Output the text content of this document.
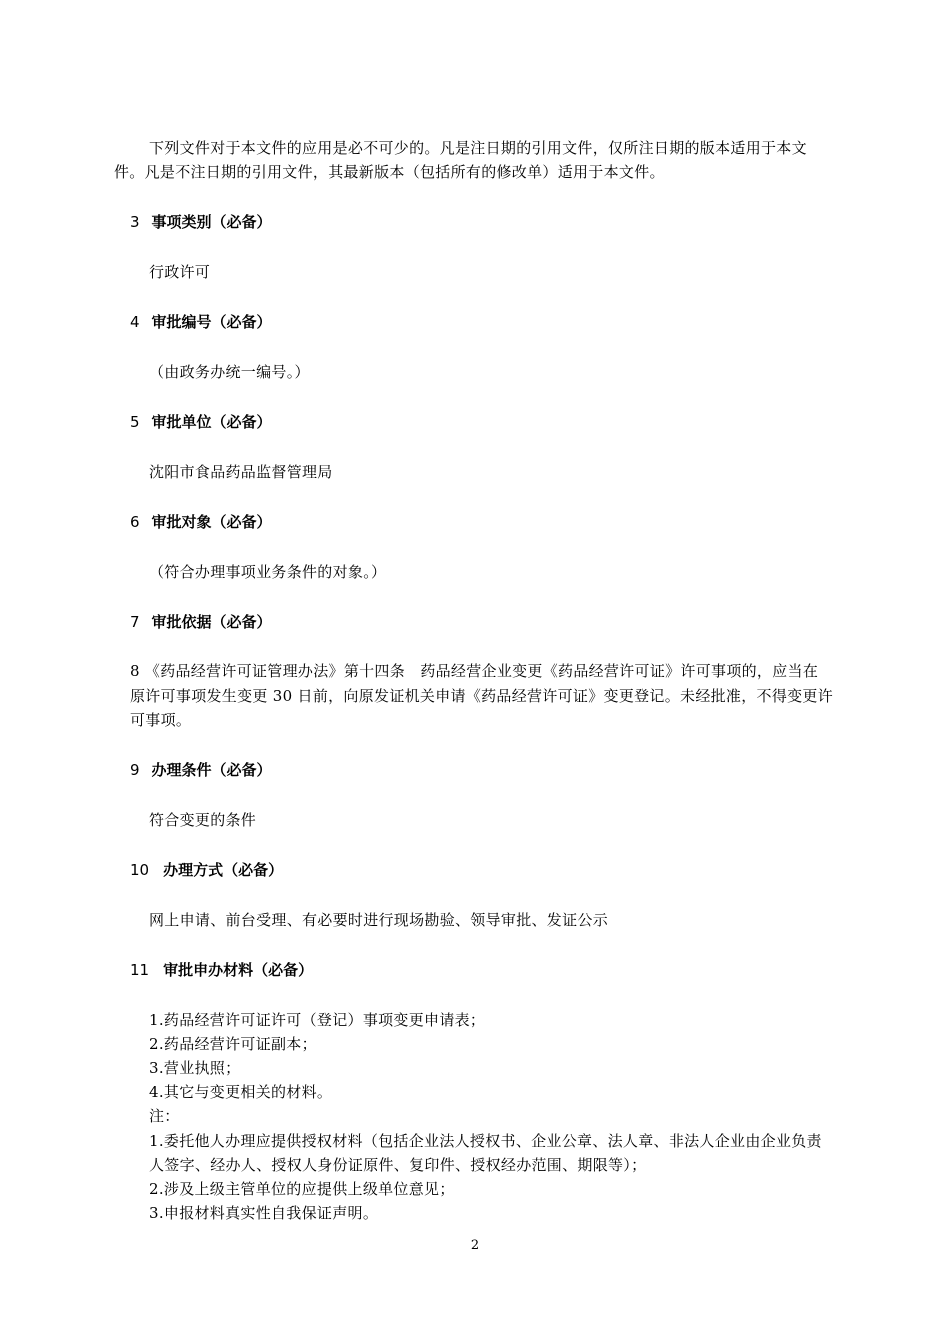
下列文件对于本文件的应用是必不可少的。凡是注日期的引用文件，仅所注日期的版本适用于本文
件。凡是不注日期的引用文件，其最新版本（包括所有的修改单）适用于本文件。
3 事项类别（必备）
行政许可
4 审批编号（必备）
（由政务办统一编号。）
5 审批单位（必备）
沈阳市食品药品监督管理局
6 审批对象（必备）
（符合办理事项业务条件的对象。）
7 审批依据（必备）
8 《药品经营许可证管理办法》第十四条　药品经营企业变更《药品经营许可证》许可事项的，应当在
原许可事项发生变更 30 日前，向原发证机关申请《药品经营许可证》变更登记。未经批准，不得变更许
可事项。
9 办理条件（必备）
符合变更的条件
10 办理方式（必备）
网上申请、前台受理、有必要时进行现场勘验、领导审批、发证公示
11 审批申办材料（必备）
1.药品经营许可证许可（登记）事项变更申请表；
2.药品经营许可证副本；
3.营业执照；
4.其它与变更相关的材料。
注：
1.委托他人办理应提供授权材料（包括企业法人授权书、企业公章、法人章、非法人企业由企业负责
人签字、经办人、授权人身份证原件、复印件、授权经办范围、期限等）；
2.涉及上级主管单位的应提供上级单位意见；
3.申报材料真实性自我保证声明。
2
